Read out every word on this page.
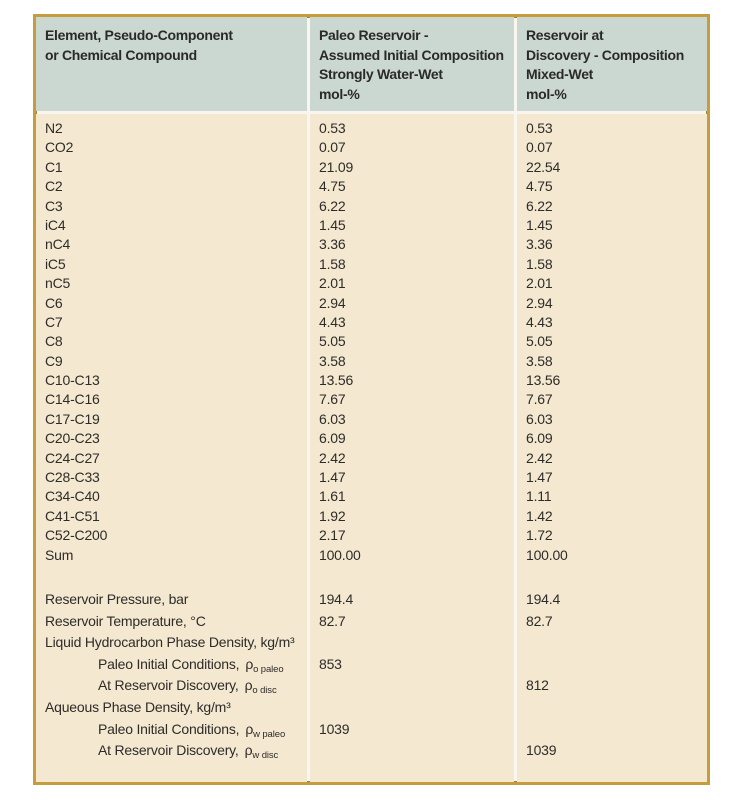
Element, Pseudo-Component
or Chemical Compound
Paleo Reservoir -
Assumed Initial Composition
Strongly Water-Wet
mol-%
Reservoir at
Discovery - Composition
Mixed-Wet
mol-%
N2
CO2
C1
C2
C3
iC4
nC4
iC5
nC5
C6
C7
C8
C9
C10-C13
C14-C16
C17-C19
C20-C23
C24-C27
C28-C33
C34-C40
C41-C51
C52-C200
Sum
Reservoir Pressure, bar
Reservoir Temperature, °C
Liquid Hydrocarbon Phase Density, kg/m³
Paleo Initial Conditions, $\rho_{o paleo}$
At Reservoir Discovery, $\rho_{o disc}$
Aqueous Phase Density, kg/m³
Paleo Initial Conditions, $\rho_{w paleo}$
At Reservoir Discovery, $\rho_{w disc}$
0.53
0.07
21.09
4.75
6.22
1.45
3.36
1.58
2.01
2.94
4.43
5.05
3.58
13.56
7.67
6.03
6.09
2.42
1.47
1.61
1.92
2.17
100.00
194.4
82.7
853
1039
0.53
0.07
22.54
4.75
6.22
1.45
3.36
1.58
2.01
2.94
4.43
5.05
3.58
13.56
7.67
6.03
6.09
2.42
1.47
1.11
1.42
1.72
100.00
194.4
82.7
812
1039
